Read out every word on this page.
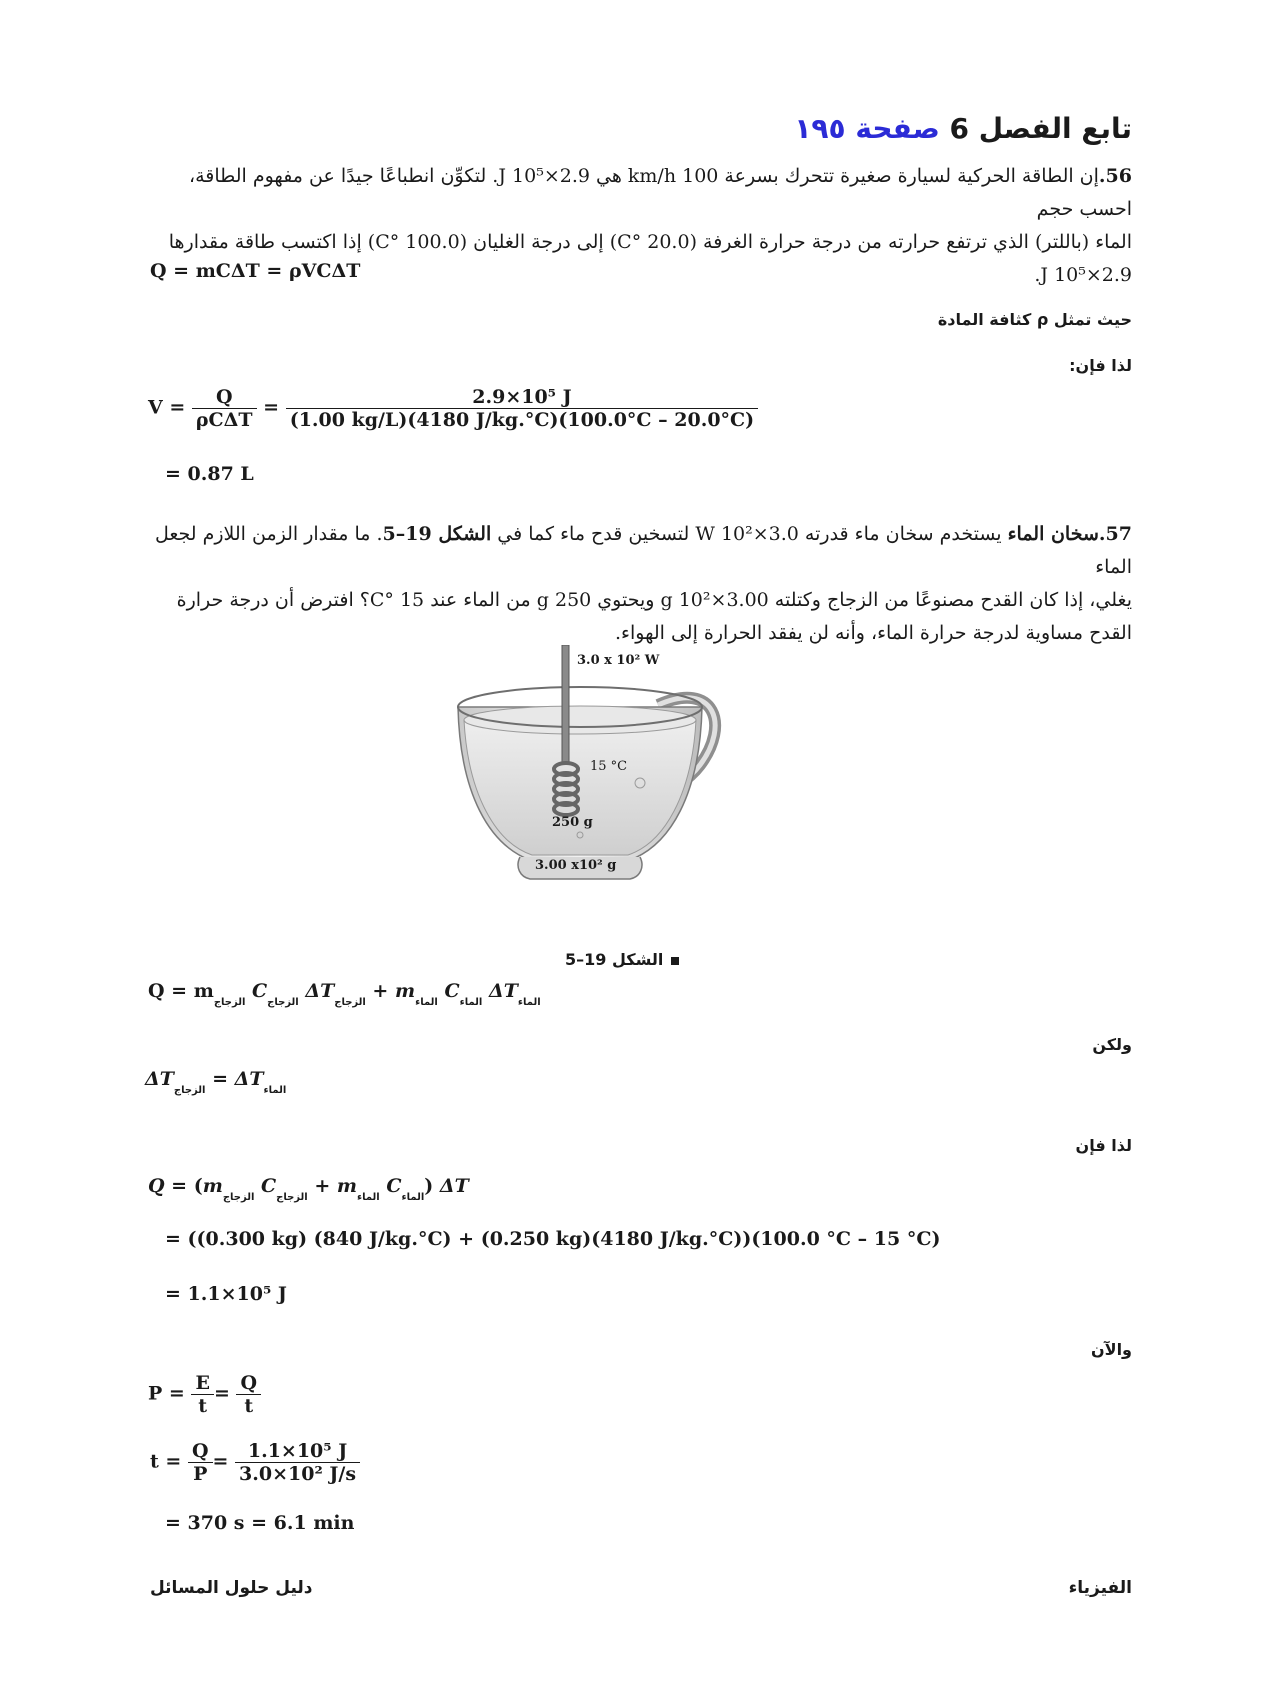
تابع الفصل 6 صفحة ١٩٥
56.إن الطاقة الحركية لسيارة صغيرة تتحرك بسرعة 100 km/h هي 2.9×10⁵ J. لتكوِّن انطباعًا جيدًا عن مفهوم الطاقة، احسب حجم
الماء (باللتر) الذي ترتفع حرارته من درجة حرارة الغرفة (20.0 °C) إلى درجة الغليان (100.0 °C) إذا اكتسب طاقة مقدارها
2.9×10⁵ J.
Q = mCΔT = ρVCΔT
حيث تمثل ρ كثافة المادة
لذا فإن:
$V = \frac{Q}{\text{ρCΔT}} = \frac{\text{2.9×10⁵ J}}{(1.00 kg/L)(4180 J/kg.^\circ C)(100.0^\circ C - 20.0^\circ C)}$
= 0.87 L
57.سخان الماء يستخدم سخان ماء قدرته 3.0×10² W لتسخين قدح ماء كما في الشكل 19–5. ما مقدار الزمن اللازم لجعل الماء
يغلي، إذا كان القدح مصنوعًا من الزجاج وكتلته 3.00×10² g ويحتوي 250 g من الماء عند 15 °C؟ افترض أن درجة حرارة
القدح مساوية لدرجة حرارة الماء، وأنه لن يفقد الحرارة إلى الهواء.
3.0 x 10² W
15 °C
250 g
3.00 x10² g
الشكل 19–5
$Q = m_{الزجاج}$ $C_{الزجاج}$ $\Delta T_{الزجاج} + m_{الماء}$ $C_{الماء}$ $\Delta T_{الماء}$
ولكن
$\Delta T_{الزجاج} = \Delta T_{الماء}$
لذا فإن
$Q = (m_{الزجاج}$ $C_{الزجاج} + m_{الماء}$ $C_{الماء}$) ΔT
= ((0.300 kg) (840 J/kg.°C) + (0.250 kg)(4180 J/kg.°C))(100.0 °C – 15 °C)
= 1.1×10⁵ J
والآن
$P = \frac{E}{t} = \frac{Q}{t}$
$t = \frac{Q}{P} = \frac{\text{1.1×10⁵ J}}{\text{3.0×10² J/s}}$
= 370 s = 6.1 min
الفيزياء
دليل حلول المسائل
